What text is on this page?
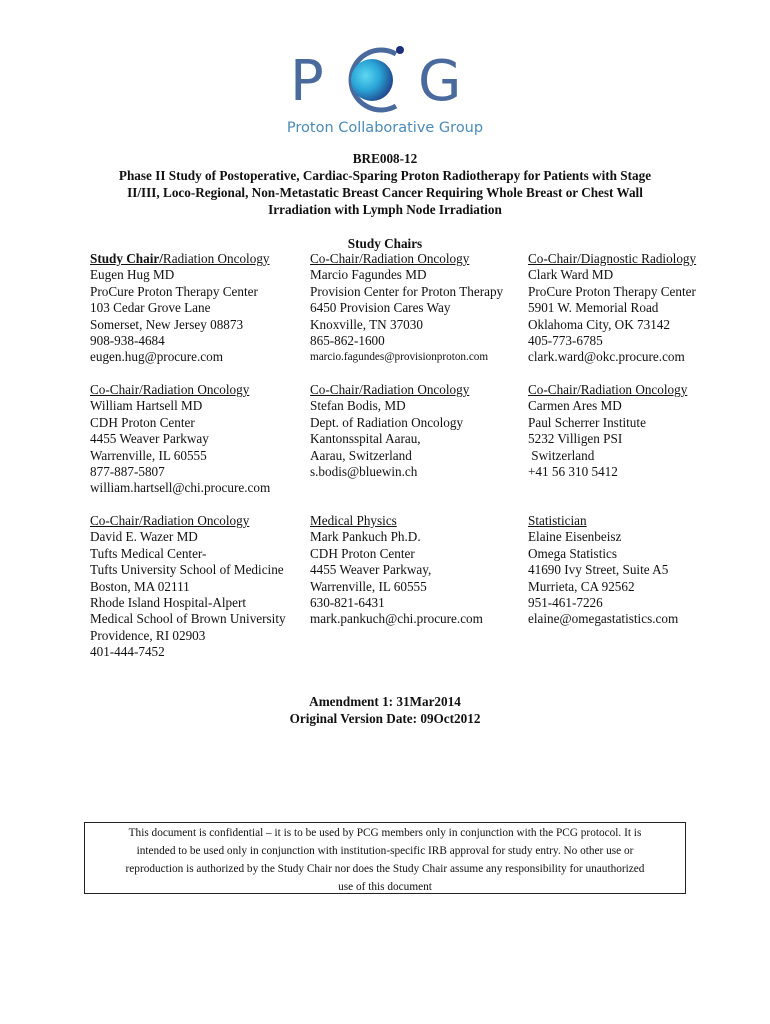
P G
Proton Collaborative Group
BRE008-12
Phase II Study of Postoperative, Cardiac-Sparing Proton Radiotherapy for Patients with Stage
II/III, Loco-Regional, Non-Metastatic Breast Cancer Requiring Whole Breast or Chest Wall
Irradiation with Lymph Node Irradiation
Study Chairs
Study Chair/Radiation Oncology
Eugen Hug MD
ProCure Proton Therapy Center
103 Cedar Grove Lane
Somerset, New Jersey 08873
908-938-4684
eugen.hug@procure.com
Co-Chair/Radiation Oncology
Marcio Fagundes MD
Provision Center for Proton Therapy
6450 Provision Cares Way
Knoxville, TN 37030
865-862-1600
marcio.fagundes@provisionproton.com
Co-Chair/Diagnostic Radiology
Clark Ward MD
ProCure Proton Therapy Center
5901 W. Memorial Road
Oklahoma City, OK 73142
405-773-6785
clark.ward@okc.procure.com
Co-Chair/Radiation Oncology
William Hartsell MD
CDH Proton Center
4455 Weaver Parkway
Warrenville, IL 60555
877-887-5807
william.hartsell@chi.procure.com
Co-Chair/Radiation Oncology
Stefan Bodis, MD
Dept. of Radiation Oncology
Kantonsspital Aarau,
Aarau, Switzerland
s.bodis@bluewin.ch
Co-Chair/Radiation Oncology
Carmen Ares MD
Paul Scherrer Institute
5232 Villigen PSI
Switzerland
+41 56 310 5412
Co-Chair/Radiation Oncology
David E. Wazer MD
Tufts Medical Center-
Tufts University School of Medicine
Boston, MA 02111
Rhode Island Hospital-Alpert
Medical School of Brown University
Providence, RI 02903
401-444-7452
Medical Physics
Mark Pankuch Ph.D.
CDH Proton Center
4455 Weaver Parkway,
Warrenville, IL 60555
630-821-6431
mark.pankuch@chi.procure.com
Statistician
Elaine Eisenbeisz
Omega Statistics
41690 Ivy Street, Suite A5
Murrieta, CA 92562
951-461-7226
elaine@omegastatistics.com
Amendment 1: 31Mar2014
Original Version Date: 09Oct2012
This document is confidential – it is to be used by PCG members only in conjunction with the PCG protocol. It is
intended to be used only in conjunction with institution-specific IRB approval for study entry. No other use or
reproduction is authorized by the Study Chair nor does the Study Chair assume any responsibility for unauthorized
use of this document
